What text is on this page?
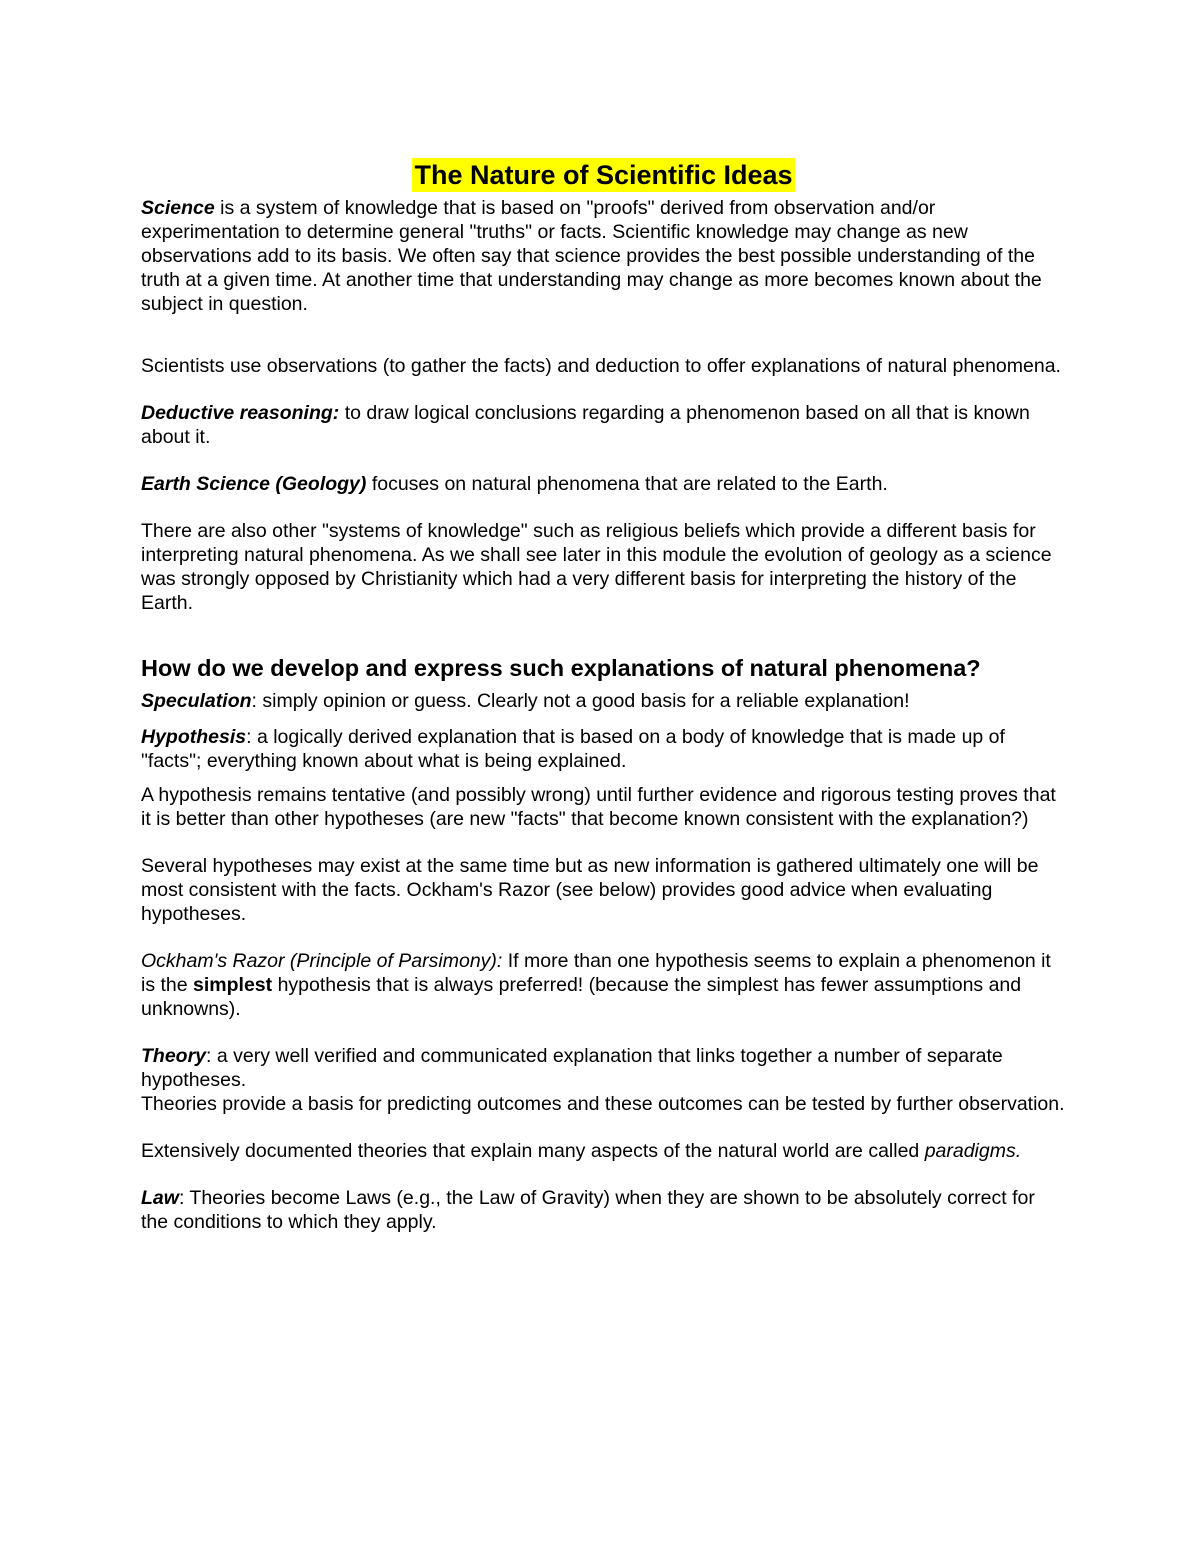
The Nature of Scientific Ideas

Science is a system of knowledge that is based on "proofs" derived from observation and/or experimentation to determine general "truths" or facts. Scientific knowledge may change as new observations add to its basis. We often say that science provides the best possible understanding of the truth at a given time. At another time that understanding may change as more becomes known about the subject in question.

Scientists use observations (to gather the facts) and deduction to offer explanations of natural phenomena.

Deductive reasoning: to draw logical conclusions regarding a phenomenon based on all that is known about it.

Earth Science (Geology) focuses on natural phenomena that are related to the Earth.

There are also other "systems of knowledge" such as religious beliefs which provide a different basis for interpreting natural phenomena. As we shall see later in this module the evolution of geology as a science was strongly opposed by Christianity which had a very different basis for interpreting the history of the Earth.

How do we develop and express such explanations of natural phenomena?

Speculation: simply opinion or guess. Clearly not a good basis for a reliable explanation!

Hypothesis: a logically derived explanation that is based on a body of knowledge that is made up of "facts"; everything known about what is being explained.

A hypothesis remains tentative (and possibly wrong) until further evidence and rigorous testing proves that it is better than other hypotheses (are new "facts" that become known consistent with the explanation?)

Several hypotheses may exist at the same time but as new information is gathered ultimately one will be most consistent with the facts. Ockham's Razor (see below) provides good advice when evaluating hypotheses.

Ockham's Razor (Principle of Parsimony): If more than one hypothesis seems to explain a phenomenon it is the simplest hypothesis that is always preferred! (because the simplest has fewer assumptions and unknowns).

Theory: a very well verified and communicated explanation that links together a number of separate hypotheses.

Theories provide a basis for predicting outcomes and these outcomes can be tested by further observation.

Extensively documented theories that explain many aspects of the natural world are called paradigms.

Law: Theories become Laws (e.g., the Law of Gravity) when they are shown to be absolutely correct for the conditions to which they apply.
